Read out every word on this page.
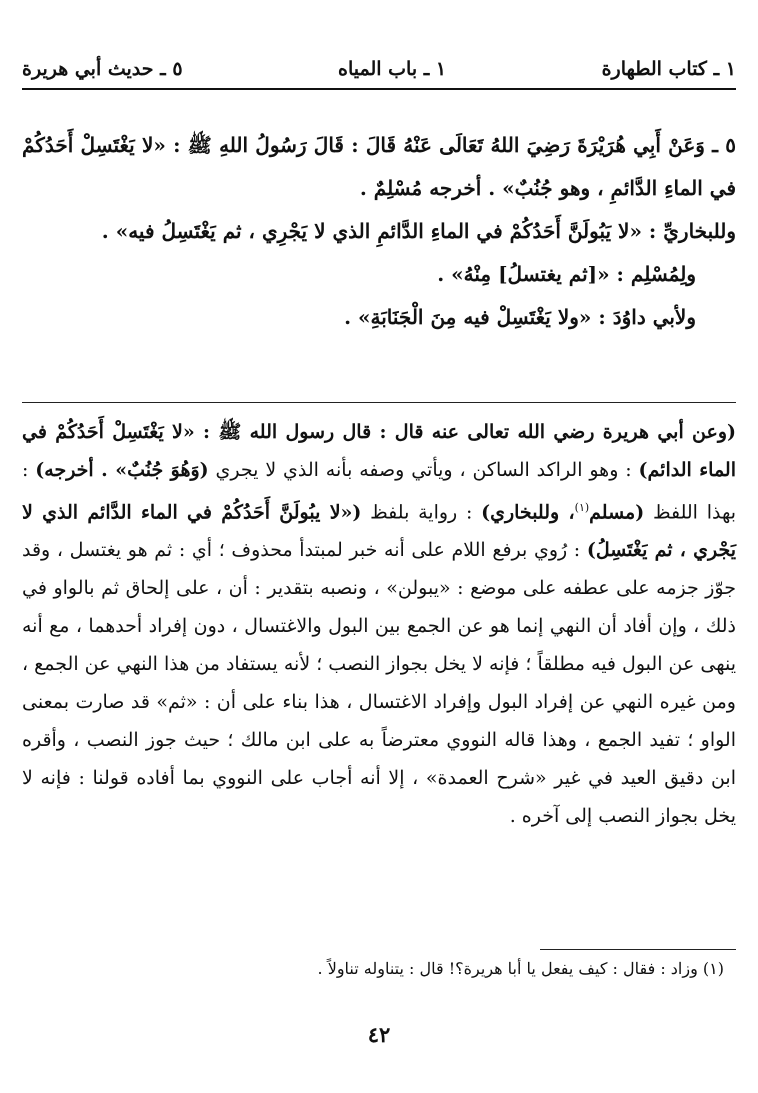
١ ـ كتاب الطهارة
١ ـ باب المياه
٥ ـ حديث أبي هريرة

٥ ـ وَعَنْ أَبِي هُرَيْرَةَ رَضِيَ اللهُ تَعَالَى عَنْهُ قَالَ : قَالَ رَسُولُ اللهِ ﷺ : «لا يَغْتَسِلْ أَحَدُكُمْ في الماءِ الدَّائمِ ، وهو جُنُبٌ» . أخرجه مُسْلِمٌ .

وللبخاريِّ : «لا يَبُولَنَّ أَحَدُكُمْ في الماءِ الدَّائمِ الذي لا يَجْرِي ، ثم يَغْتَسِلُ فيه» .

ولِمُسْلِم : «[ثم يغتسلُ] مِنْهُ» .

ولأبي داوُدَ : «ولا يَغْتَسِلْ فيه مِنَ الْجَنَابَةِ» .

(وعن أبي هريرة رضي الله تعالى عنه قال : قال رسول الله ﷺ : «لا يَغْتَسِلْ أَحَدُكُمْ في الماء الدائم) : وهو الراكد الساكن ، ويأتي وصفه بأنه الذي لا يجري (وَهُوَ جُنُبٌ» . أخرجه) : بهذا اللفظ (مسلم$^{(١)}$، وللبخاري) : رواية بلفظ («لا يبُولَنَّ أَحَدُكُمْ في الماء الدَّائم الذي لا يَجْري ، ثم يَغْتَسِلُ) : رُوي برفع اللام على أنه خبر لمبتدأ محذوف ؛ أي : ثم هو يغتسل ، وقد جوّز جزمه على عطفه على موضع : «يبولن» ، ونصبه بتقدير : أن ، على إلحاق ثم بالواو في ذلك ، وإن أفاد أن النهي إنما هو عن الجمع بين البول والاغتسال ، دون إفراد أحدهما ، مع أنه ينهى عن البول فيه مطلقاً ؛ فإنه لا يخل بجواز النصب ؛ لأنه يستفاد من هذا النهي عن الجمع ، ومن غيره النهي عن إفراد البول وإفراد الاغتسال ، هذا بناء على أن : «ثم» قد صارت بمعنى الواو ؛ تفيد الجمع ، وهذا قاله النووي معترضاً به على ابن مالك ؛ حيث جوز النصب ، وأقره ابن دقيق العيد في غير «شرح العمدة» ، إلا أنه أجاب على النووي بما أفاده قولنا : فإنه لا يخل بجواز النصب إلى آخره .
(١) وزاد : فقال : كيف يفعل يا أبا هريرة؟! قال : يتناوله تناولاً .
٤٢
